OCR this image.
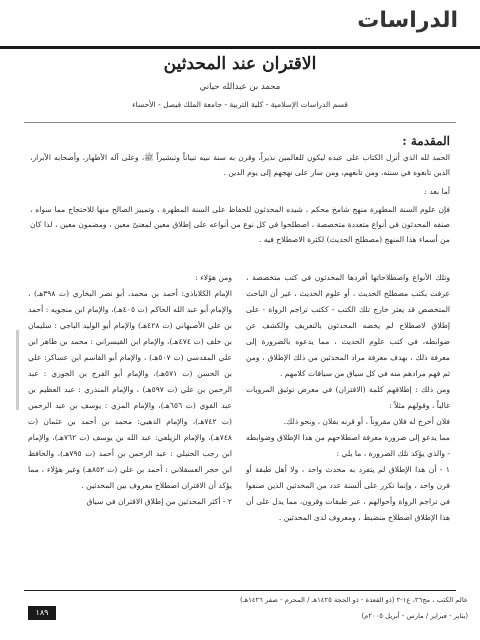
الدراسات
الاقتران عند المحدثين
محمد بن عبدالله حياني
قسم الدراسات الإسلامية - كلية التربية - جامعة الملك فيصل - الأحساء
المقدمة :
الحمد لله الذي أنزل الكتاب على عبده ليكون للعالمين نذيراً، وقرن به سنة نبيه تبياناً وتبشيراً ﷺ، وعلى آله الأطهار، وأصحابه الأبرار، الذين تابعوه في سنته، ومن تابعهم، ومن سار على نهجهم إلى يوم الدين .
أما بعد :
فإن علوم السنة المطهرة منهج شامخ محكم ، شيده المحدثون للحفاظ على السنة المطهرة ، وتمييز الصالح منها للاحتجاج مما سواه ، صنفه المحدثون في أنواع متعددة متخصصة ، اصطلحوا في كل نوع من أنواعه على إطلاق معين لمعنىً معين ، ومضمون معين ، لذا كان من أسماء هذا المنهج (مصطلح الحديث) لكثرة الاصطلاح فيه .

وتلك الأنواع واصطلاحاتها أفردها المحدثون في كتب متخصصة ، عرفت بكتب مصطلح الحديث ، أو علوم الحديث ، غير أن الباحث المتخصص قد يعثر خارج تلك الكتب - ككتب تراجم الرواة - على إطلاق لاصطلاح لم يخصه المحدثون بالتعريف والكشف عن ضوابطه، في كتب علوم الحديث ، مما يدعوه بالضرورة إلى معرفة ذلك ، بهدف معرفة مراد المحدثين من ذلك الإطلاق ، ومن ثم فهم مرادهم منه في كل سياق من سياقات كلامهم .

ومن ذلك : إطلاقهم كلمة (الاقتران) في معرض توثيق المرويات غالباً ، وقولهم مثلاً :

فلان أخرج له فلان مقروناً ، أو قرنه بفلان ، ونحو ذلك.

مما يدعو إلى ضرورة معرفة اصطلاحهم من هذا الإطلاق وضوابطه - والذي يؤكد تلك الضرورة ، ما يلي :

١ - أن هذا الإطلاق لم يتفرد به محدث واحد ، ولا أهل طبقة أو قرن واحد ، وإنما تكرر على ألسنة عدد من المحدثين الذين صنفوا في تراجم الرواة وأحوالهم ، عبر طبقات وقرون، مما يدل على أن هذا الإطلاق اصطلاح منضبط ، ومعروف لدى المحدثين .

ومن هؤلاء :

الإمام الكلاباذي: أحمد بن محمد، أبو نصر البخاري (ت ٣٩٨هـ) ، والإمام أبو عبد الله الحاكم (ت ٤٠٥هـ)، والإمام ابن منجويه : أحمد بن علي الأصبهاني (ت ٤٢٨هـ) والإمام أبو الوليد الباجي : سليمان بن خلف (ت ٤٧٤هـ)، والإمام ابن القيسراني : محمد بن طاهر ابن علي المقدسي (ت ٥٠٧هـ) ، والإمام أبو القاسم ابن عساكر: علي بن الحسن (ت ٥٧١هـ)، والإمام أبو الفرج بن الجوزي : عبد الرحمن بن علي (ت ٥٩٧هـ) ، والإمام المنذري : عبد العظيم بن عبد القوي (ت ٦٥٦هـ)، والإمام المزي : يوسف بن عبد الرحمن (ت ٧٤٢هـ)، والإمام الذهبي: محمد بن أحمد بن عثمان (ت ٧٤٨هـ)، والإمام الزيلعي: عبد الله بن يوسف (ت ٧٦٢هـ)، والإمام ابن رجب الحنبلي : عبد الرحمن بن أحمد (ت ٧٩٥هـ)، والحافظ ابن حجر العسقلاني : أحمد بن علي (ت ٨٥٢هـ) وغير هؤلاء ، مما يؤكد أن الاقتران اصطلاح معروف بين المحدثين .

٢ - أكثر المحدثين من إطلاق الاقتران في سياق

عالم الكتب ، مج٢٦، ع١-٢ (ذو القعدة - ذو الحجة ١٤٢٥هـ / المحرم - صفر ١٤٢٦هـ)
(يناير - فبراير / مارس - أبريل ٢٠٠٥م)
١٨٩
